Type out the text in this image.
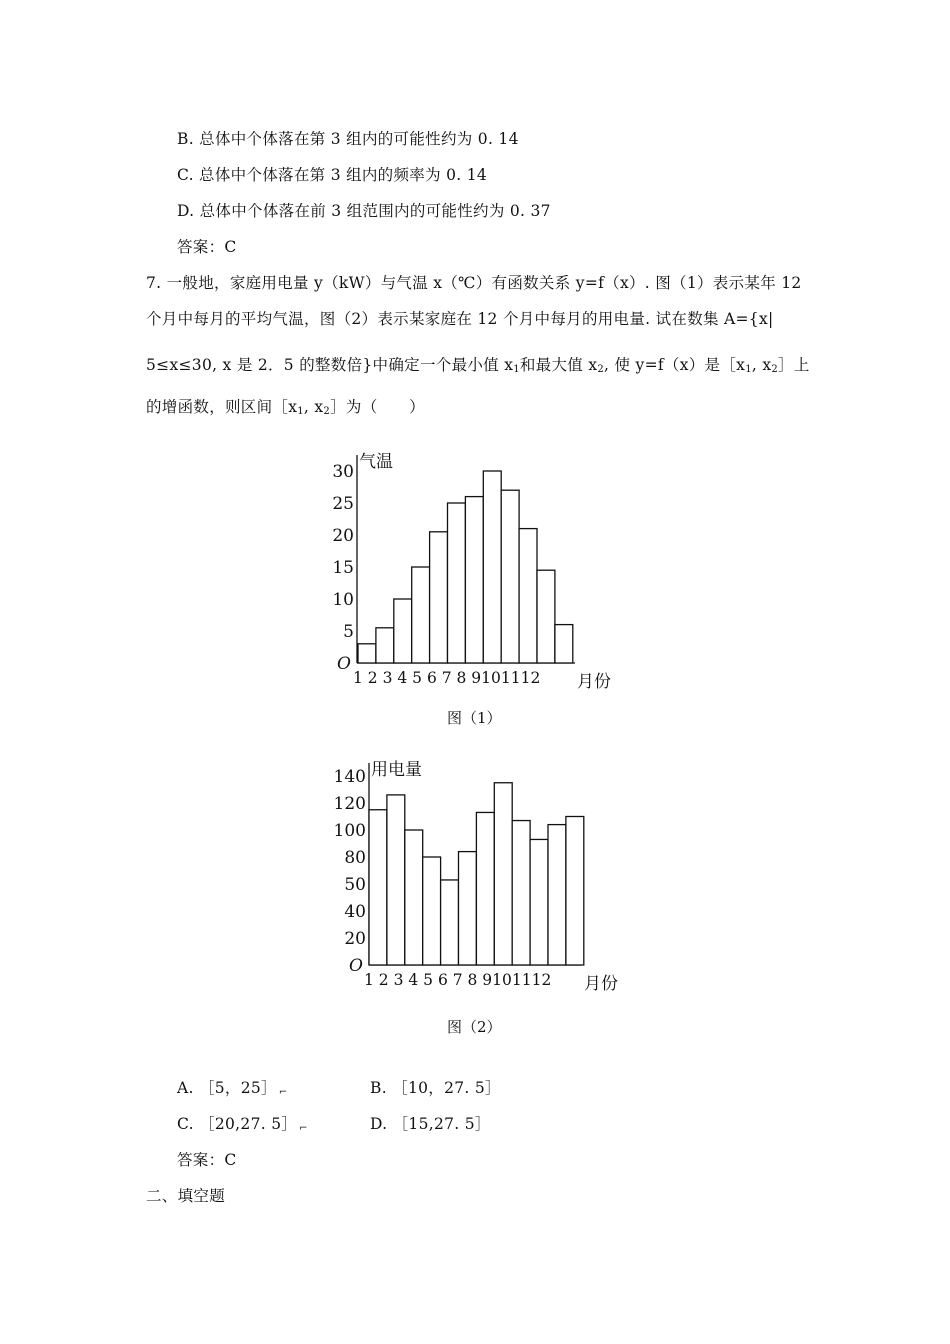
B. 总体中个体落在第 3 组内的可能性约为 0. 14
C. 总体中个体落在第 3 组内的频率为 0. 14
D. 总体中个体落在前 3 组范围内的可能性约为 0. 37
答案：C
7. 一般地，家庭用电量 y（kW）与气温 x（℃）有函数关系 y=f（x）. 图（1）表示某年 12
个月中每月的平均气温，图（2）表示某家庭在 12 个月中每月的用电量. 试在数集 A={x|
5≤x≤30, x 是 2．5 的整数倍}中确定一个最小值 $x_1$和最大值 $x_2$, 使 y=f（x）是$[x_1$, $x_2]$上
的增函数，则区间$[x_1$, $x_2]$为（　　）
5
10
15
20
25
30
O
气温
1 2 3 4 5 6 7 8 9101112 月份
图（1）
20
40
50
80
100
120
140
O
用电量
1 2 3 4 5 6 7 8 9101112 月份
图（2）
A. ［5，25］ ⌐	B. ［10，27. 5］
C. ［20,27. 5］ ⌐	D. ［15,27. 5］
答案：C
二、填空题
